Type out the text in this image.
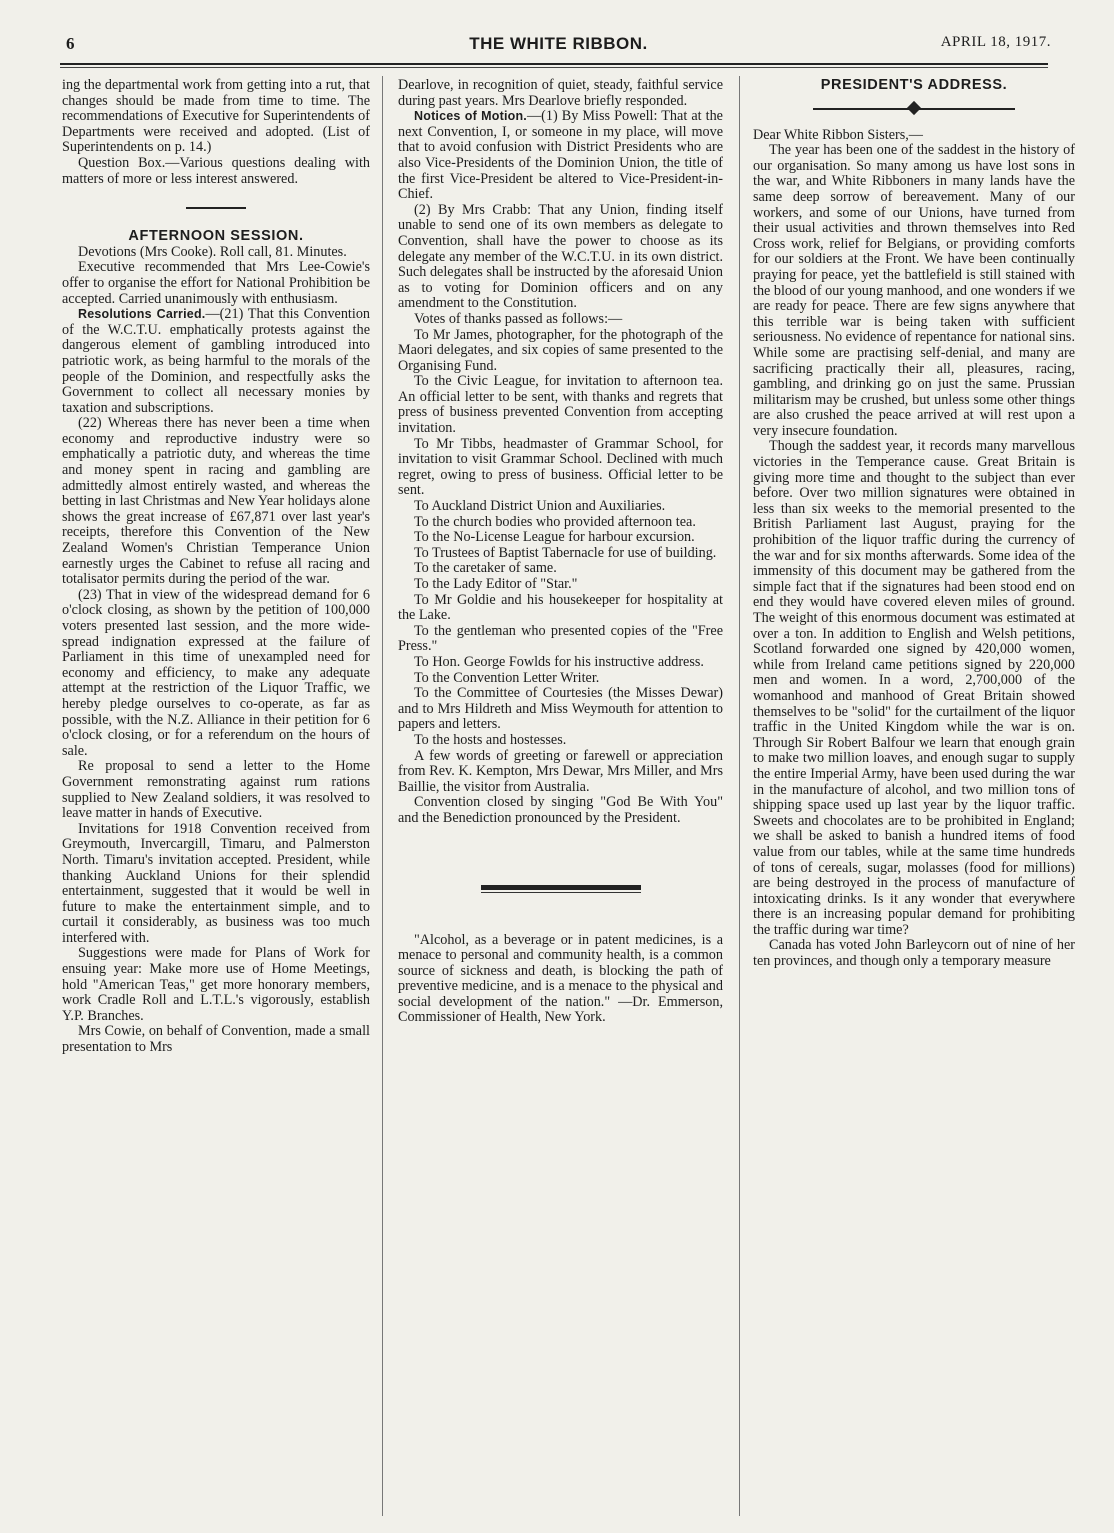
6	THE WHITE RIBBON.	APRIL 18, 1917.

ing the departmental work from getting into a rut, that changes should be made from time to time. The recommendations of Executive for Superintendents of Departments were received and adopted. (List of Superintendents on p. 14.)

Question Box.—Various questions dealing with matters of more or less interest answered.

AFTERNOON SESSION.

Devotions (Mrs Cooke). Roll call, 81. Minutes.

Executive recommended that Mrs Lee-Cowie's offer to organise the effort for National Prohibition be accepted. Carried unanimously with enthusiasm.

Resolutions Carried.—(21) That this Convention of the W.C.T.U. emphatically protests against the dangerous element of gambling introduced into patriotic work, as being harmful to the morals of the people of the Dominion, and respectfully asks the Government to collect all necessary monies by taxation and subscriptions.

(22) Whereas there has never been a time when economy and reproductive industry were so emphatically a patriotic duty, and whereas the time and money spent in racing and gambling are admittedly almost entirely wasted, and whereas the betting in last Christmas and New Year holidays alone shows the great increase of £67,871 over last year's receipts, therefore this Convention of the New Zealand Women's Christian Temperance Union earnestly urges the Cabinet to refuse all racing and totalisator permits during the period of the war.

(23) That in view of the widespread demand for 6 o'clock closing, as shown by the petition of 100,000 voters presented last session, and the more wide-spread indignation expressed at the failure of Parliament in this time of unexampled need for economy and efficiency, to make any adequate attempt at the restriction of the Liquor Traffic, we hereby pledge ourselves to co-operate, as far as possible, with the N.Z. Alliance in their petition for 6 o'clock closing, or for a referendum on the hours of sale.

Re proposal to send a letter to the Home Government remonstrating against rum rations supplied to New Zealand soldiers, it was resolved to leave matter in hands of Executive.

Invitations for 1918 Convention received from Greymouth, Invercargill, Timaru, and Palmerston North. Timaru's invitation accepted. President, while thanking Auckland Unions for their splendid entertainment, suggested that it would be well in future to make the entertainment simple, and to curtail it considerably, as business was too much interfered with.

Suggestions were made for Plans of Work for ensuing year: Make more use of Home Meetings, hold "American Teas," get more honorary members, work Cradle Roll and L.T.L.'s vigorously, establish Y.P. Branches.

Mrs Cowie, on behalf of Convention, made a small presentation to Mrs

Dearlove, in recognition of quiet, steady, faithful service during past years. Mrs Dearlove briefly responded.

Notices of Motion.—(1) By Miss Powell: That at the next Convention, I, or someone in my place, will move that to avoid confusion with District Presidents who are also Vice-Presidents of the Dominion Union, the title of the first Vice-President be altered to Vice-President-in-Chief.

(2) By Mrs Crabb: That any Union, finding itself unable to send one of its own members as delegate to Convention, shall have the power to choose as its delegate any member of the W.C.T.U. in its own district. Such delegates shall be instructed by the aforesaid Union as to voting for Dominion officers and on any amendment to the Constitution.

Votes of thanks passed as follows:—

To Mr James, photographer, for the photograph of the Maori delegates, and six copies of same presented to the Organising Fund.

To the Civic League, for invitation to afternoon tea. An official letter to be sent, with thanks and regrets that press of business prevented Convention from accepting invitation.

To Mr Tibbs, headmaster of Grammar School, for invitation to visit Grammar School. Declined with much regret, owing to press of business. Official letter to be sent.

To Auckland District Union and Auxiliaries.

To the church bodies who provided afternoon tea.

To the No-License League for harbour excursion.

To Trustees of Baptist Tabernacle for use of building.

To the caretaker of same.

To the Lady Editor of "Star."

To Mr Goldie and his housekeeper for hospitality at the Lake.

To the gentleman who presented copies of the "Free Press."

To Hon. George Fowlds for his instructive address.

To the Convention Letter Writer.

To the Committee of Courtesies (the Misses Dewar) and to Mrs Hildreth and Miss Weymouth for attention to papers and letters.

To the hosts and hostesses.

A few words of greeting or farewell or appreciation from Rev. K. Kempton, Mrs Dewar, Mrs Miller, and Mrs Baillie, the visitor from Australia.

Convention closed by singing "God Be With You" and the Benediction pronounced by the President.

"Alcohol, as a beverage or in patent medicines, is a menace to personal and community health, is a common source of sickness and death, is blocking the path of preventive medicine, and is a menace to the physical and social development of the nation." —Dr. Emmerson, Commissioner of Health, New York.

PRESIDENT'S ADDRESS.

Dear White Ribbon Sisters,—

The year has been one of the saddest in the history of our organisation. So many among us have lost sons in the war, and White Ribboners in many lands have the same deep sorrow of bereavement. Many of our workers, and some of our Unions, have turned from their usual activities and thrown themselves into Red Cross work, relief for Belgians, or providing comforts for our soldiers at the Front. We have been continually praying for peace, yet the battlefield is still stained with the blood of our young manhood, and one wonders if we are ready for peace. There are few signs anywhere that this terrible war is being taken with sufficient seriousness. No evidence of repentance for national sins. While some are practising self-denial, and many are sacrificing practically their all, pleasures, racing, gambling, and drinking go on just the same. Prussian militarism may be crushed, but unless some other things are also crushed the peace arrived at will rest upon a very insecure foundation.

Though the saddest year, it records many marvellous victories in the Temperance cause. Great Britain is giving more time and thought to the subject than ever before. Over two million signatures were obtained in less than six weeks to the memorial presented to the British Parliament last August, praying for the prohibition of the liquor traffic during the currency of the war and for six months afterwards. Some idea of the immensity of this document may be gathered from the simple fact that if the signatures had been stood end on end they would have covered eleven miles of ground. The weight of this enormous document was estimated at over a ton. In addition to English and Welsh petitions, Scotland forwarded one signed by 420,000 women, while from Ireland came petitions signed by 220,000 men and women. In a word, 2,700,000 of the womanhood and manhood of Great Britain showed themselves to be "solid" for the curtailment of the liquor traffic in the United Kingdom while the war is on. Through Sir Robert Balfour we learn that enough grain to make two million loaves, and enough sugar to supply the entire Imperial Army, have been used during the war in the manufacture of alcohol, and two million tons of shipping space used up last year by the liquor traffic. Sweets and chocolates are to be prohibited in England; we shall be asked to banish a hundred items of food value from our tables, while at the same time hundreds of tons of cereals, sugar, molasses (food for millions) are being destroyed in the process of manufacture of intoxicating drinks. Is it any wonder that everywhere there is an increasing popular demand for prohibiting the traffic during war time?

Canada has voted John Barleycorn out of nine of her ten provinces, and though only a temporary measure
